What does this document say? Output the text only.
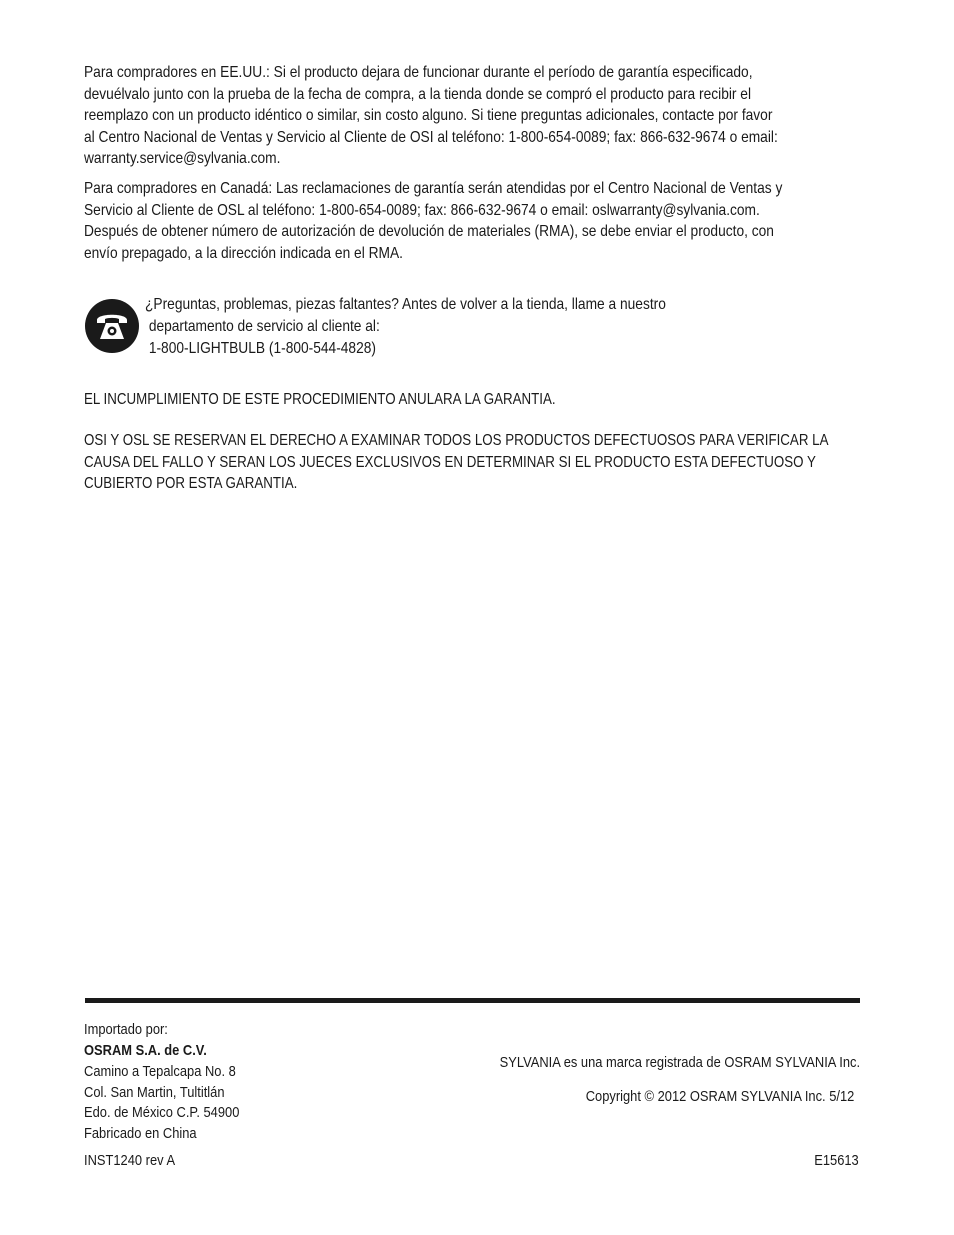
Para compradores en EE.UU.: Si el producto dejara de funcionar durante el período de garantía especificado,
devuélvalo junto con la prueba de la fecha de compra, a la tienda donde se compró el producto para recibir el
reemplazo con un producto idéntico o similar, sin costo alguno. Si tiene preguntas adicionales, contacte por favor
al Centro Nacional de Ventas y Servicio al Cliente de OSI al teléfono: 1-800-654-0089; fax: 866-632-9674 o email:
warranty.service@sylvania.com.
Para compradores en Canadá: Las reclamaciones de garantía serán atendidas por el Centro Nacional de Ventas y
Servicio al Cliente de OSL al teléfono: 1-800-654-0089; fax: 866-632-9674 o email: oslwarranty@sylvania.com.
Después de obtener número de autorización de devolución de materiales (RMA), se debe enviar el producto, con
envío prepagado, a la dirección indicada en el RMA.
¿Preguntas, problemas, piezas faltantes? Antes de volver a la tienda, llame a nuestro
departamento de servicio al cliente al:
1-800-LIGHTBULB (1-800-544-4828)
EL INCUMPLIMIENTO DE ESTE PROCEDIMIENTO ANULARA LA GARANTIA.
OSI Y OSL SE RESERVAN EL DERECHO A EXAMINAR TODOS LOS PRODUCTOS DEFECTUOSOS PARA VERIFICAR LA
CAUSA DEL FALLO Y SERAN LOS JUECES EXCLUSIVOS EN DETERMINAR SI EL PRODUCTO ESTA DEFECTUOSO Y
CUBIERTO POR ESTA GARANTIA.
Importado por:
OSRAM S.A. de C.V.
Camino a Tepalcapa No. 8
Col. San Martin, Tultitlán
Edo. de México C.P. 54900
Fabricado en China
SYLVANIA es una marca registrada de OSRAM SYLVANIA Inc.
Copyright © 2012 OSRAM SYLVANIA Inc. 5/12
INST1240 rev A	E15613
